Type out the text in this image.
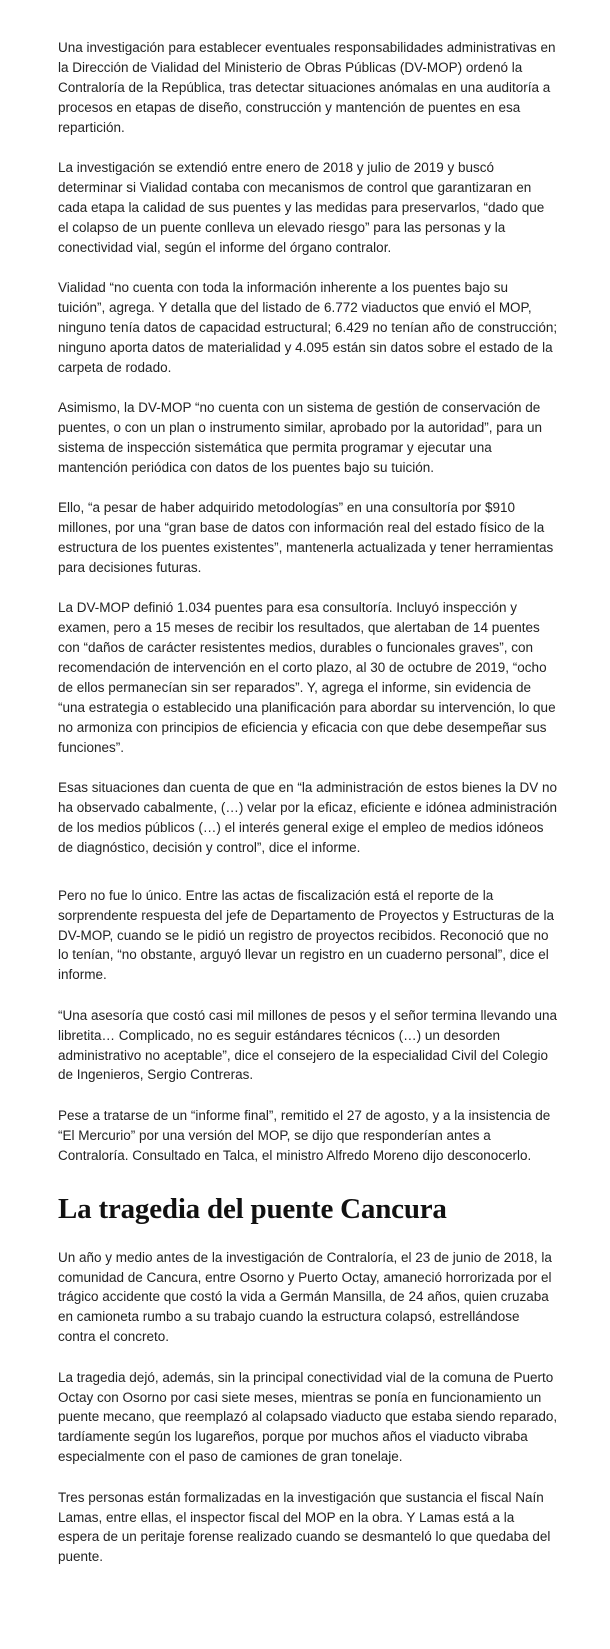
Una investigación para establecer eventuales responsabilidades administrativas en la Dirección de Vialidad del Ministerio de Obras Públicas (DV-MOP) ordenó la Contraloría de la República, tras detectar situaciones anómalas en una auditoría a procesos en etapas de diseño, construcción y mantención de puentes en esa repartición.

La investigación se extendió entre enero de 2018 y julio de 2019 y buscó determinar si Vialidad contaba con mecanismos de control que garantizaran en cada etapa la calidad de sus puentes y las medidas para preservarlos, “dado que el colapso de un puente conlleva un elevado riesgo” para las personas y la conectividad vial, según el informe del órgano contralor.

Vialidad “no cuenta con toda la información inherente a los puentes bajo su tuición”, agrega. Y detalla que del listado de 6.772 viaductos que envió el MOP, ninguno tenía datos de capacidad estructural; 6.429 no tenían año de construcción; ninguno aporta datos de materialidad y 4.095 están sin datos sobre el estado de la carpeta de rodado.

Asimismo, la DV-MOP “no cuenta con un sistema de gestión de conservación de puentes, o con un plan o instrumento similar, aprobado por la autoridad”, para un sistema de inspección sistemática que permita programar y ejecutar una mantención periódica con datos de los puentes bajo su tuición.

Ello, “a pesar de haber adquirido metodologías” en una consultoría por $910 millones, por una “gran base de datos con información real del estado físico de la estructura de los puentes existentes”, mantenerla actualizada y tener herramientas para decisiones futuras.

La DV-MOP definió 1.034 puentes para esa consultoría. Incluyó inspección y examen, pero a 15 meses de recibir los resultados, que alertaban de 14 puentes con “daños de carácter resistentes medios, durables o funcionales graves”, con recomendación de intervención en el corto plazo, al 30 de octubre de 2019, “ocho de ellos permanecían sin ser reparados”. Y, agrega el informe, sin evidencia de “una estrategia o establecido una planificación para abordar su intervención, lo que no armoniza con principios de eficiencia y eficacia con que debe desempeñar sus funciones”.

Esas situaciones dan cuenta de que en “la administración de estos bienes la DV no ha observado cabalmente, (…) velar por la eficaz, eficiente e idónea administración de los medios públicos (…) el interés general exige el empleo de medios idóneos de diagnóstico, decisión y control”, dice el informe.

Pero no fue lo único. Entre las actas de fiscalización está el reporte de la sorprendente respuesta del jefe de Departamento de Proyectos y Estructuras de la DV-MOP, cuando se le pidió un registro de proyectos recibidos. Reconoció que no lo tenían, “no obstante, arguyó llevar un registro en un cuaderno personal”, dice el informe.

“Una asesoría que costó casi mil millones de pesos y el señor termina llevando una libretita… Complicado, no es seguir estándares técnicos (…) un desorden administrativo no aceptable”, dice el consejero de la especialidad Civil del Colegio de Ingenieros, Sergio Contreras.

Pese a tratarse de un “informe final”, remitido el 27 de agosto, y a la insistencia de “El Mercurio” por una versión del MOP, se dijo que responderían antes a Contraloría. Consultado en Talca, el ministro Alfredo Moreno dijo desconocerlo.

La tragedia del puente Cancura

Un año y medio antes de la investigación de Contraloría, el 23 de junio de 2018, la comunidad de Cancura, entre Osorno y Puerto Octay, amaneció horrorizada por el trágico accidente que costó la vida a Germán Mansilla, de 24 años, quien cruzaba en camioneta rumbo a su trabajo cuando la estructura colapsó, estrellándose contra el concreto.

La tragedia dejó, además, sin la principal conectividad vial de la comuna de Puerto Octay con Osorno por casi siete meses, mientras se ponía en funcionamiento un puente mecano, que reemplazó al colapsado viaducto que estaba siendo reparado, tardíamente según los lugareños, porque por muchos años el viaducto vibraba especialmente con el paso de camiones de gran tonelaje.

Tres personas están formalizadas en la investigación que sustancia el fiscal Naín Lamas, entre ellas, el inspector fiscal del MOP en la obra. Y Lamas está a la espera de un peritaje forense realizado cuando se desmanteló lo que quedaba del puente.
